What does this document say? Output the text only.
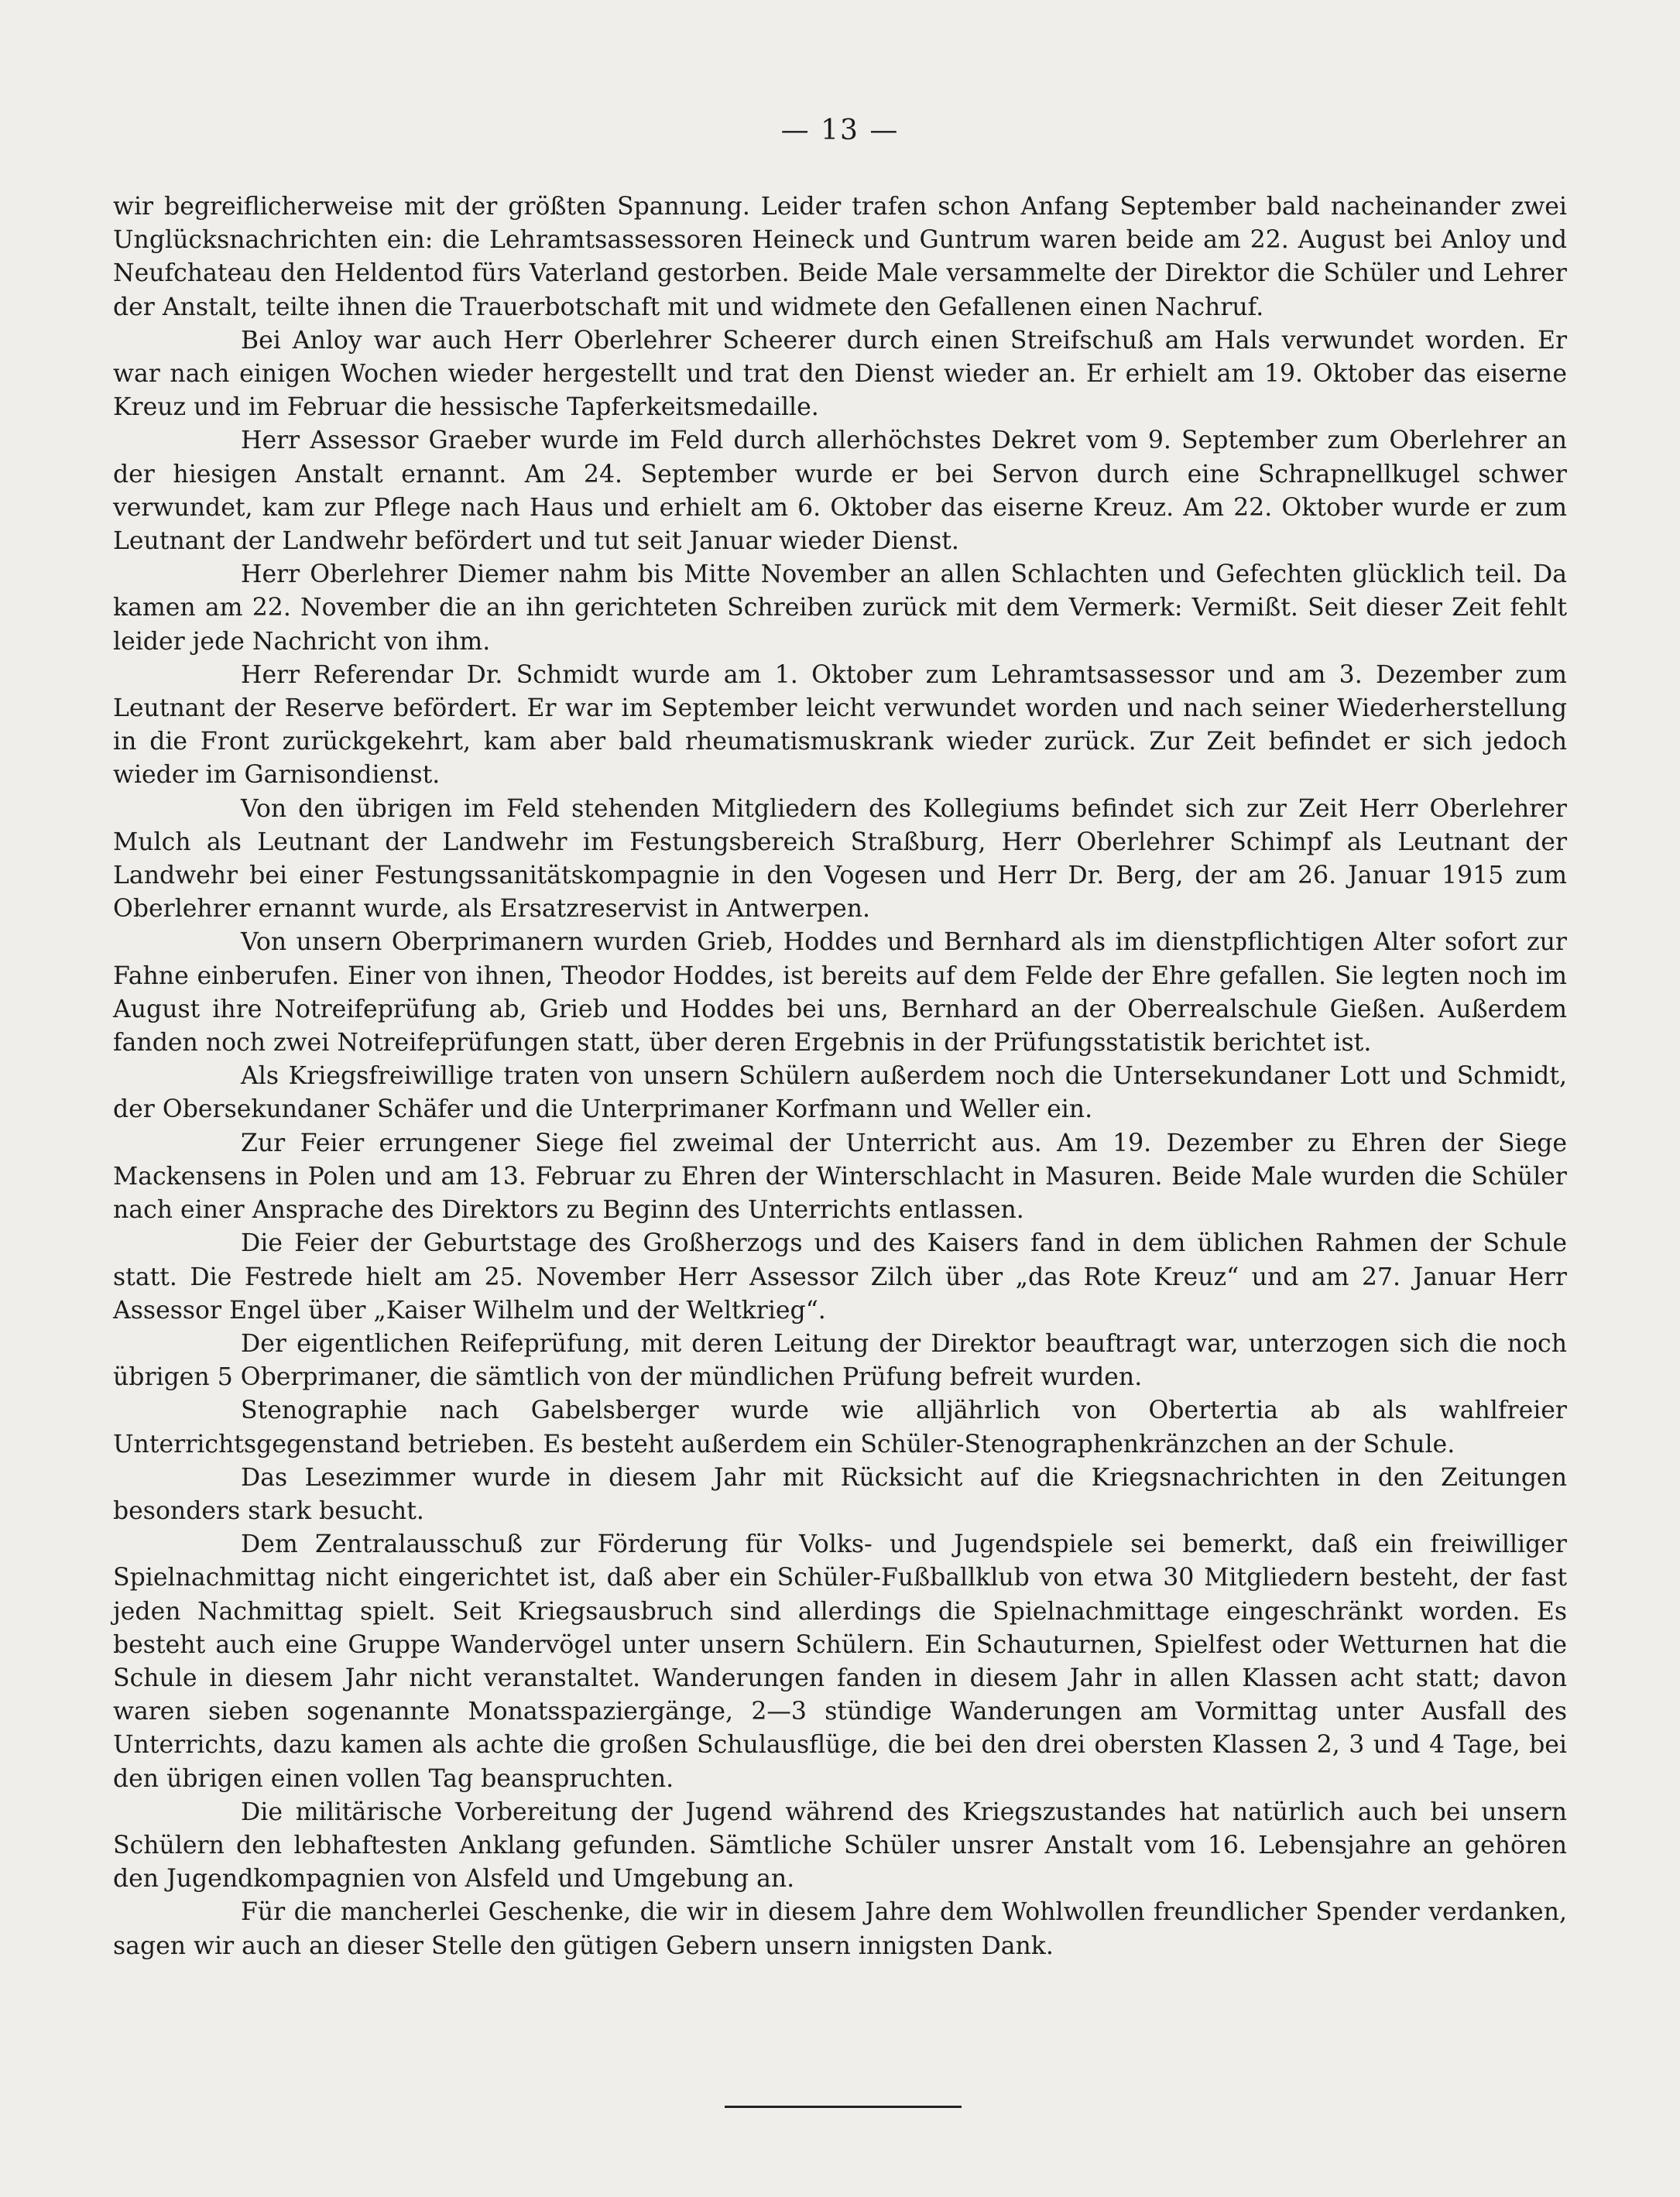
— 13 —

wir begreiflicherweise mit der größten Spannung. Leider trafen schon Anfang September bald nacheinander zwei Unglücksnachrichten ein: die Lehramtsassessoren Heineck und Guntrum waren beide am 22. August bei Anloy und Neufchateau den Heldentod fürs Vaterland gestorben. Beide Male versammelte der Direktor die Schüler und Lehrer der Anstalt, teilte ihnen die Trauerbotschaft mit und widmete den Gefallenen einen Nachruf.

Bei Anloy war auch Herr Oberlehrer Scheerer durch einen Streifschuß am Hals verwundet worden. Er war nach einigen Wochen wieder hergestellt und trat den Dienst wieder an. Er erhielt am 19. Oktober das eiserne Kreuz und im Februar die hessische Tapferkeitsmedaille.

Herr Assessor Graeber wurde im Feld durch allerhöchstes Dekret vom 9. September zum Oberlehrer an der hiesigen Anstalt ernannt. Am 24. September wurde er bei Servon durch eine Schrapnellkugel schwer verwundet, kam zur Pflege nach Haus und erhielt am 6. Oktober das eiserne Kreuz. Am 22. Oktober wurde er zum Leutnant der Landwehr befördert und tut seit Januar wieder Dienst.

Herr Oberlehrer Diemer nahm bis Mitte November an allen Schlachten und Gefechten glücklich teil. Da kamen am 22. November die an ihn gerichteten Schreiben zurück mit dem Vermerk: Vermißt. Seit dieser Zeit fehlt leider jede Nachricht von ihm.

Herr Referendar Dr. Schmidt wurde am 1. Oktober zum Lehramtsassessor und am 3. Dezember zum Leutnant der Reserve befördert. Er war im September leicht verwundet worden und nach seiner Wiederherstellung in die Front zurückgekehrt, kam aber bald rheumatismuskrank wieder zurück. Zur Zeit befindet er sich jedoch wieder im Garnisondienst.

Von den übrigen im Feld stehenden Mitgliedern des Kollegiums befindet sich zur Zeit Herr Oberlehrer Mulch als Leutnant der Landwehr im Festungsbereich Straßburg, Herr Oberlehrer Schimpf als Leutnant der Landwehr bei einer Festungssanitätskompagnie in den Vogesen und Herr Dr. Berg, der am 26. Januar 1915 zum Oberlehrer ernannt wurde, als Ersatzreservist in Antwerpen.

Von unsern Oberprimanern wurden Grieb, Hoddes und Bernhard als im dienstpflichtigen Alter sofort zur Fahne einberufen. Einer von ihnen, Theodor Hoddes, ist bereits auf dem Felde der Ehre gefallen. Sie legten noch im August ihre Notreifeprüfung ab, Grieb und Hoddes bei uns, Bernhard an der Oberrealschule Gießen. Außerdem fanden noch zwei Notreifeprüfungen statt, über deren Ergebnis in der Prüfungsstatistik berichtet ist.

Als Kriegsfreiwillige traten von unsern Schülern außerdem noch die Untersekundaner Lott und Schmidt, der Obersekundaner Schäfer und die Unterprimaner Korfmann und Weller ein.

Zur Feier errungener Siege fiel zweimal der Unterricht aus. Am 19. Dezember zu Ehren der Siege Mackensens in Polen und am 13. Februar zu Ehren der Winterschlacht in Masuren. Beide Male wurden die Schüler nach einer Ansprache des Direktors zu Beginn des Unterrichts entlassen.

Die Feier der Geburtstage des Großherzogs und des Kaisers fand in dem üblichen Rahmen der Schule statt. Die Festrede hielt am 25. November Herr Assessor Zilch über „das Rote Kreuz“ und am 27. Januar Herr Assessor Engel über „Kaiser Wilhelm und der Weltkrieg“.

Der eigentlichen Reifeprüfung, mit deren Leitung der Direktor beauftragt war, unterzogen sich die noch übrigen 5 Oberprimaner, die sämtlich von der mündlichen Prüfung befreit wurden.

Stenographie nach Gabelsberger wurde wie alljährlich von Obertertia ab als wahlfreier Unterrichtsgegenstand betrieben. Es besteht außerdem ein Schüler-Stenographenkränzchen an der Schule.

Das Lesezimmer wurde in diesem Jahr mit Rücksicht auf die Kriegsnachrichten in den Zeitungen besonders stark besucht.

Dem Zentralausschuß zur Förderung für Volks- und Jugendspiele sei bemerkt, daß ein freiwilliger Spielnachmittag nicht eingerichtet ist, daß aber ein Schüler-Fußballklub von etwa 30 Mitgliedern besteht, der fast jeden Nachmittag spielt. Seit Kriegsausbruch sind allerdings die Spielnachmittage eingeschränkt worden. Es besteht auch eine Gruppe Wandervögel unter unsern Schülern. Ein Schauturnen, Spielfest oder Wetturnen hat die Schule in diesem Jahr nicht veranstaltet. Wanderungen fanden in diesem Jahr in allen Klassen acht statt; davon waren sieben sogenannte Monatsspaziergänge, 2—3 stündige Wanderungen am Vormittag unter Ausfall des Unterrichts, dazu kamen als achte die großen Schulausflüge, die bei den drei obersten Klassen 2, 3 und 4 Tage, bei den übrigen einen vollen Tag beanspruchten.

Die militärische Vorbereitung der Jugend während des Kriegszustandes hat natürlich auch bei unsern Schülern den lebhaftesten Anklang gefunden. Sämtliche Schüler unsrer Anstalt vom 16. Lebensjahre an gehören den Jugendkompagnien von Alsfeld und Umgebung an.

Für die mancherlei Geschenke, die wir in diesem Jahre dem Wohlwollen freundlicher Spender verdanken, sagen wir auch an dieser Stelle den gütigen Gebern unsern innigsten Dank.
